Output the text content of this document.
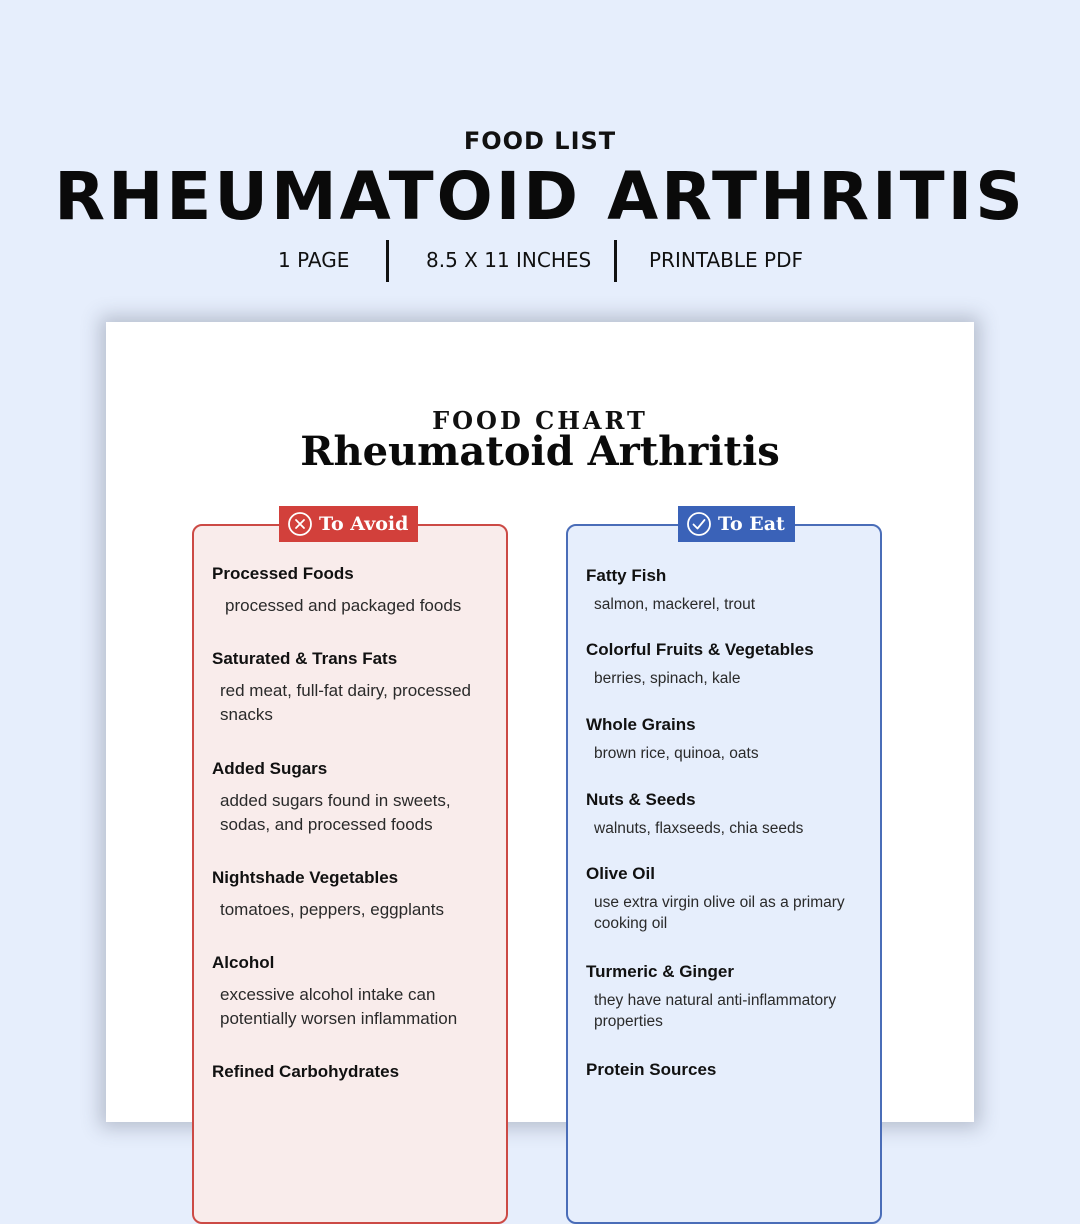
FOOD LIST
RHEUMATOID ARTHRITIS
1 PAGE	8.5 X 11 INCHES	PRINTABLE PDF
FOOD CHART
Rheumatoid Arthritis
To Avoid
Processed Foods
processed and packaged foods
Saturated & Trans Fats
red meat, full-fat dairy, processed snacks
Added Sugars
added sugars found in sweets, sodas, and processed foods
Nightshade Vegetables
tomatoes, peppers, eggplants
Alcohol
excessive alcohol intake can potentially worsen inflammation
Refined Carbohydrates
To Eat
Fatty Fish
salmon, mackerel, trout
Colorful Fruits & Vegetables
berries, spinach, kale
Whole Grains
brown rice, quinoa, oats
Nuts & Seeds
walnuts, flaxseeds, chia seeds
Olive Oil
use extra virgin olive oil as a primary cooking oil
Turmeric & Ginger
they have natural anti-inflammatory properties
Protein Sources
